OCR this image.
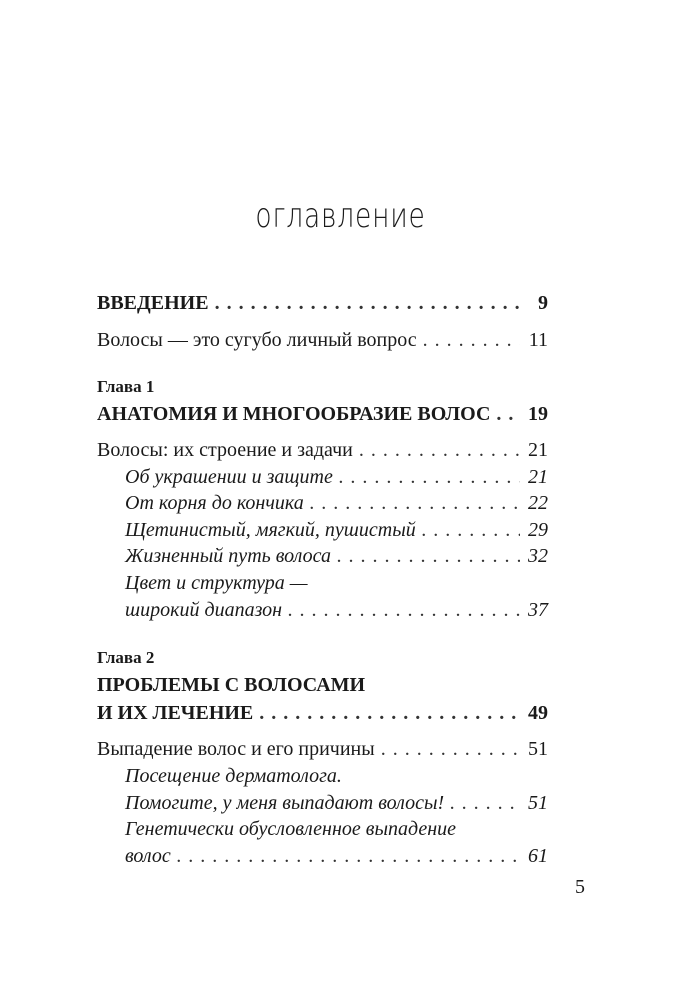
оглавление
ВВЕДЕНИЕ . . .	9
Волосы — это сугубо личный вопрос . . .	11
Глава 1
АНАТОМИЯ И МНОГООБРАЗИЕ ВОЛОС . . . 19
Волосы: их строение и задачи . . .	21
Об украшении и защите . . .	21
От корня до кончика . . .	22
Щетинистый, мягкий, пушистый . . .	29
Жизненный путь волоса . . .	32
Цвет и структура —
широкий диапазон . . .	37
Глава 2
ПРОБЛЕМЫ С ВОЛОСАМИ
И ИХ ЛЕЧЕНИЕ . . .	49
Выпадение волос и его причины . . .	51
Посещение дерматолога.
Помогите, у меня выпадают волосы! . . .	51
Генетически обусловленное выпадение
волос . . .	61
5
